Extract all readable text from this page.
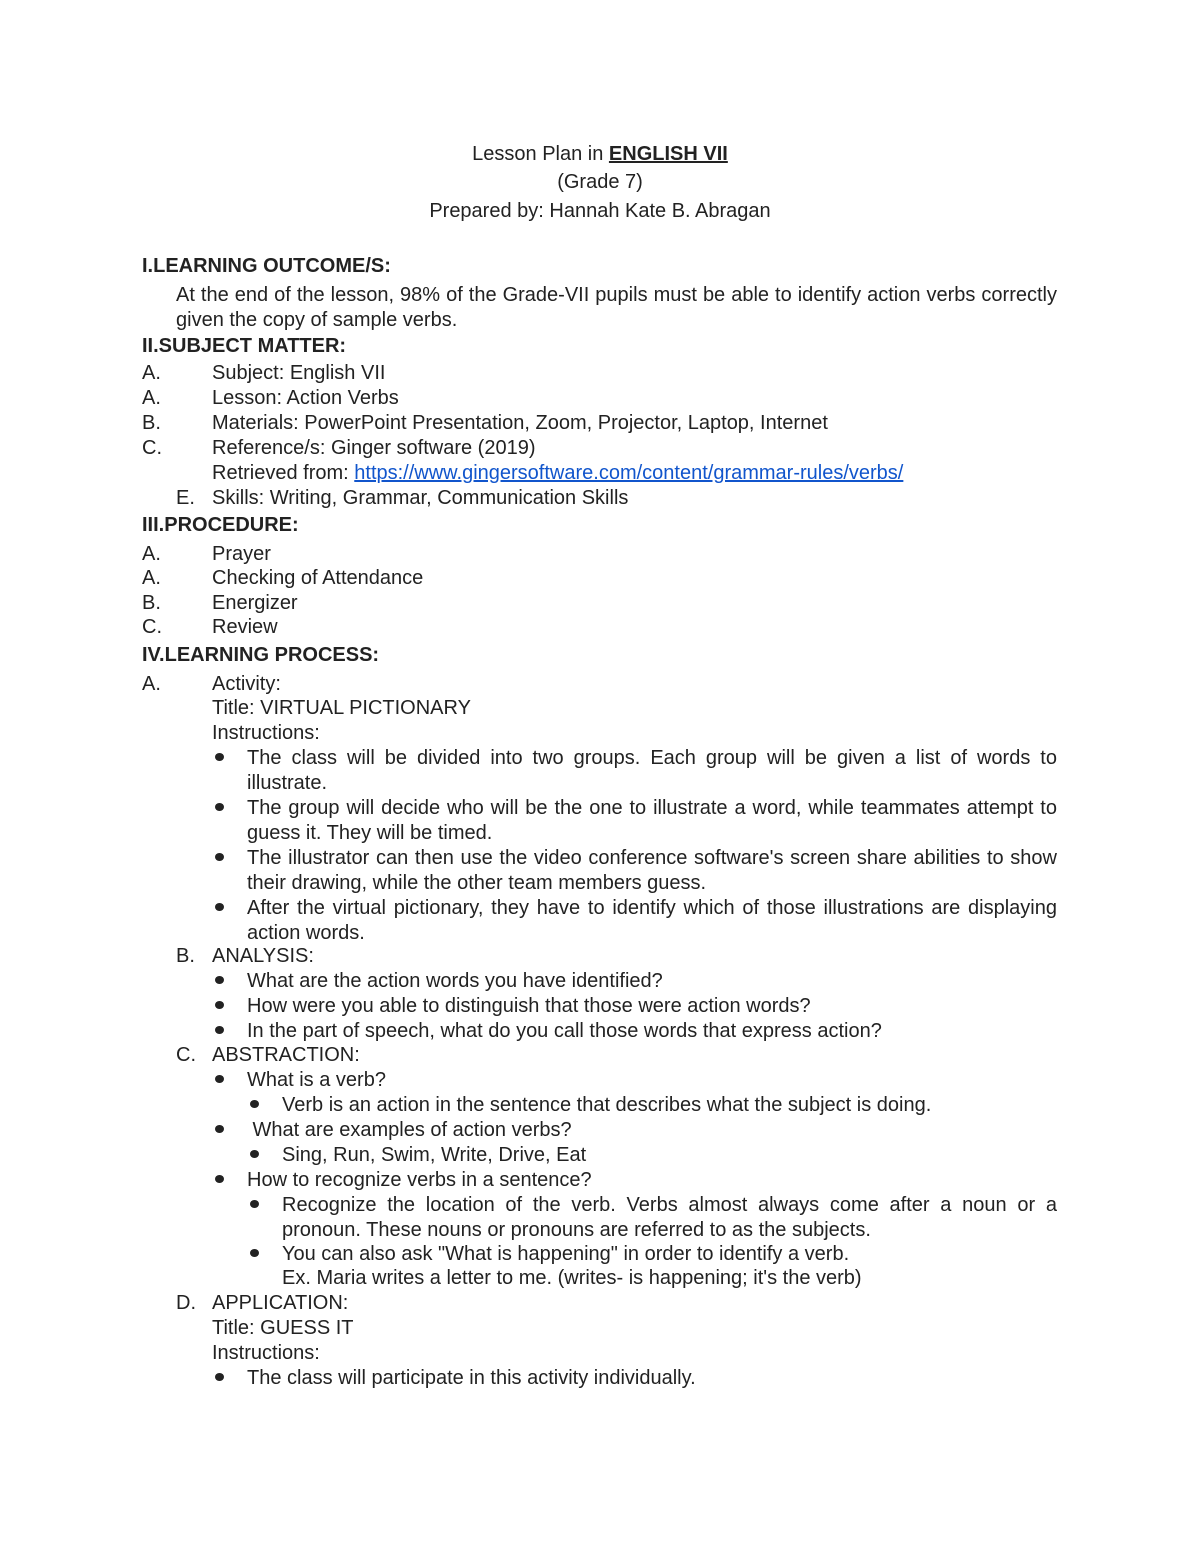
Lesson Plan in ENGLISH VII
(Grade 7)
Prepared by: Hannah Kate B. Abragan
I.LEARNING OUTCOME/S:
At the end of the lesson, 98% of the Grade-VII pupils must be able to identify action verbs correctly given the copy of sample verbs.
II.SUBJECT MATTER:
A.	Subject: English VII
A.	Lesson: Action Verbs
B.	Materials: PowerPoint Presentation, Zoom, Projector, Laptop, Internet
C.	Reference/s: Ginger software (2019)
Retrieved from: https://www.gingersoftware.com/content/grammar-rules/verbs/
E. Skills: Writing, Grammar, Communication Skills
III.PROCEDURE:
A.	Prayer
A.	Checking of Attendance
B.	Energizer
C.	Review
IV.LEARNING PROCESS:
A.	Activity:
Title: VIRTUAL PICTIONARY
Instructions:
The class will be divided into two groups. Each group will be given a list of words to illustrate.
The group will decide who will be the one to illustrate a word, while teammates attempt to guess it. They will be timed.
The illustrator can then use the video conference software's screen share abilities to show their drawing, while the other team members guess.
After the virtual pictionary, they have to identify which of those illustrations are displaying action words.
B. ANALYSIS:
What are the action words you have identified?
How were you able to distinguish that those were action words?
In the part of speech, what do you call those words that express action?
C. ABSTRACTION:
What is a verb?
Verb is an action in the sentence that describes what the subject is doing.
What are examples of action verbs?
Sing, Run, Swim, Write, Drive, Eat
How to recognize verbs in a sentence?
Recognize the location of the verb. Verbs almost always come after a noun or a pronoun. These nouns or pronouns are referred to as the subjects.
You can also ask "What is happening" in order to identify a verb.
Ex. Maria writes a letter to me. (writes- is happening; it's the verb)
D. APPLICATION:
Title: GUESS IT
Instructions:
The class will participate in this activity individually.
